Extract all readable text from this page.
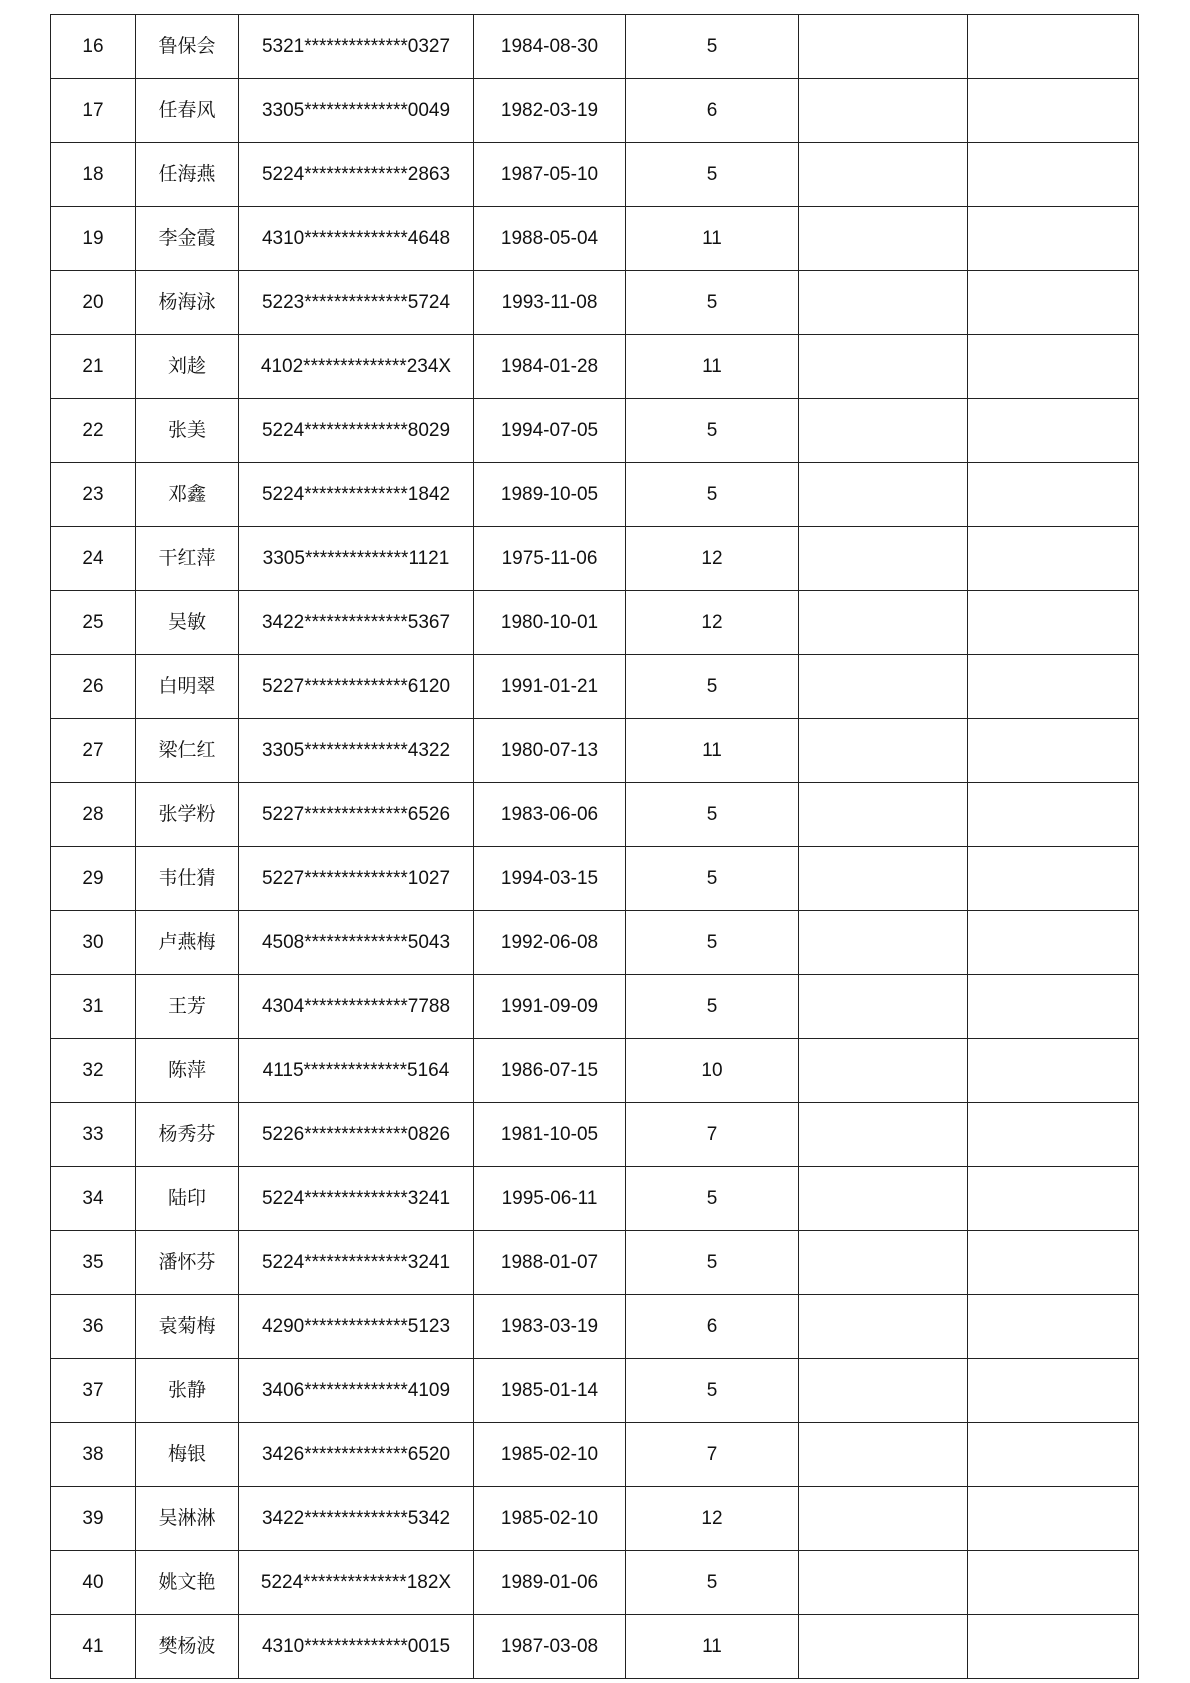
16	鲁保会	5321**************0327	1984-08-30	5		
17	任春风	3305**************0049	1982-03-19	6		
18	任海燕	5224**************2863	1987-05-10	5		
19	李金霞	4310**************4648	1988-05-04	11		
20	杨海泳	5223**************5724	1993-11-08	5		
21	刘趁	4102**************234X	1984-01-28	11		
22	张美	5224**************8029	1994-07-05	5		
23	邓鑫	5224**************1842	1989-10-05	5		
24	干红萍	3305**************1121	1975-11-06	12		
25	吴敏	3422**************5367	1980-10-01	12		
26	白明翠	5227**************6120	1991-01-21	5		
27	梁仁红	3305**************4322	1980-07-13	11		
28	张学粉	5227**************6526	1983-06-06	5		
29	韦仕猜	5227**************1027	1994-03-15	5		
30	卢燕梅	4508**************5043	1992-06-08	5		
31	王芳	4304**************7788	1991-09-09	5		
32	陈萍	4115**************5164	1986-07-15	10		
33	杨秀芬	5226**************0826	1981-10-05	7		
34	陆印	5224**************3241	1995-06-11	5		
35	潘怀芬	5224**************3241	1988-01-07	5		
36	袁菊梅	4290**************5123	1983-03-19	6		
37	张静	3406**************4109	1985-01-14	5		
38	梅银	3426**************6520	1985-02-10	7		
39	吴淋淋	3422**************5342	1985-02-10	12		
40	姚文艳	5224**************182X	1989-01-06	5		
41	樊杨波	4310**************0015	1987-03-08	11		
